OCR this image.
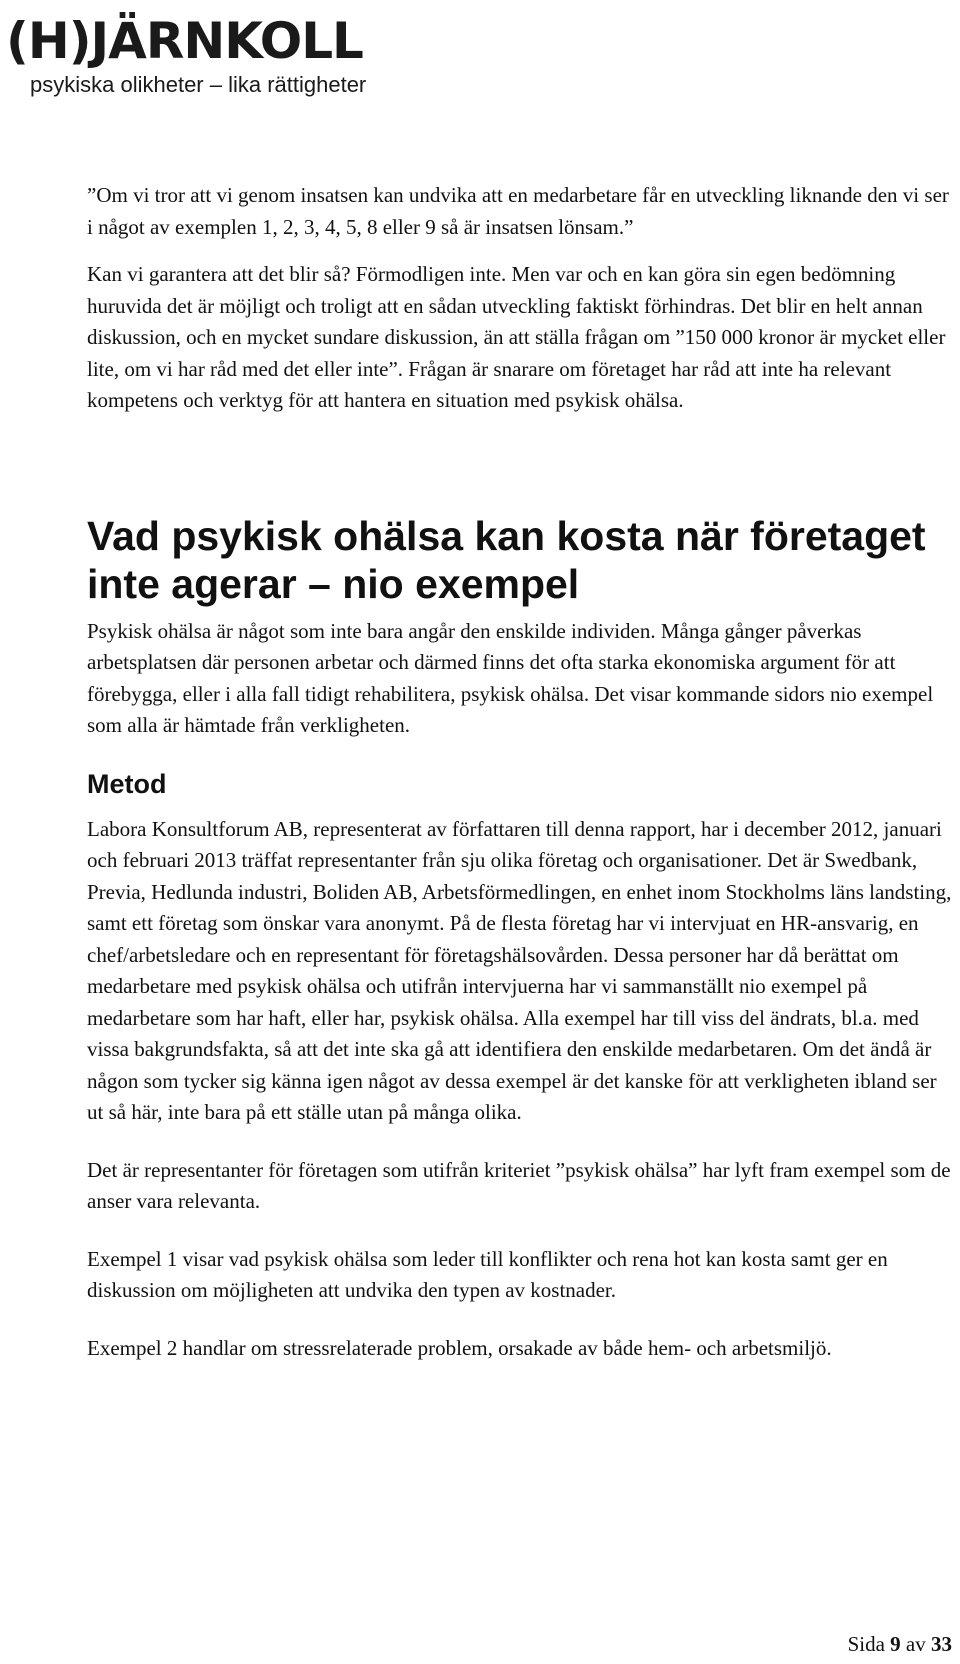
(H)JÄRNKOLL
psykiska olikheter – lika rättigheter

”Om vi tror att vi genom insatsen kan undvika att en medarbetare får en utveckling liknande den vi ser i något av exemplen 1, 2, 3, 4, 5, 8 eller 9 så är insatsen lönsam.”

Kan vi garantera att det blir så? Förmodligen inte. Men var och en kan göra sin egen bedömning huruvida det är möjligt och troligt att en sådan utveckling faktiskt förhindras. Det blir en helt annan diskussion, och en mycket sundare diskussion, än att ställa frågan om ”150 000 kronor är mycket eller lite, om vi har råd med det eller inte”. Frågan är snarare om företaget har råd att inte ha relevant kompetens och verktyg för att hantera en situation med psykisk ohälsa.

Vad psykisk ohälsa kan kosta när företaget inte agerar – nio exempel

Psykisk ohälsa är något som inte bara angår den enskilde individen. Många gånger påverkas arbetsplatsen där personen arbetar och därmed finns det ofta starka ekonomiska argument för att förebygga, eller i alla fall tidigt rehabilitera, psykisk ohälsa. Det visar kommande sidors nio exempel som alla är hämtade från verkligheten.

Metod

Labora Konsultforum AB, representerat av författaren till denna rapport, har i december 2012, januari och februari 2013 träffat representanter från sju olika företag och organisationer. Det är Swedbank, Previa, Hedlunda industri, Boliden AB, Arbetsförmedlingen, en enhet inom Stockholms läns landsting, samt ett företag som önskar vara anonymt. På de flesta företag har vi intervjuat en HR-ansvarig, en chef/arbetsledare och en representant för företagshälsovården. Dessa personer har då berättat om medarbetare med psykisk ohälsa och utifrån intervjuerna har vi sammanställt nio exempel på medarbetare som har haft, eller har, psykisk ohälsa. Alla exempel har till viss del ändrats, bl.a. med vissa bakgrundsfakta, så att det inte ska gå att identifiera den enskilde medarbetaren. Om det ändå är någon som tycker sig känna igen något av dessa exempel är det kanske för att verkligheten ibland ser ut så här, inte bara på ett ställe utan på många olika.

Det är representanter för företagen som utifrån kriteriet ”psykisk ohälsa” har lyft fram exempel som de anser vara relevanta.

Exempel 1 visar vad psykisk ohälsa som leder till konflikter och rena hot kan kosta samt ger en diskussion om möjligheten att undvika den typen av kostnader.

Exempel 2 handlar om stressrelaterade problem, orsakade av både hem- och arbetsmiljö.

Sida 9 av 33
